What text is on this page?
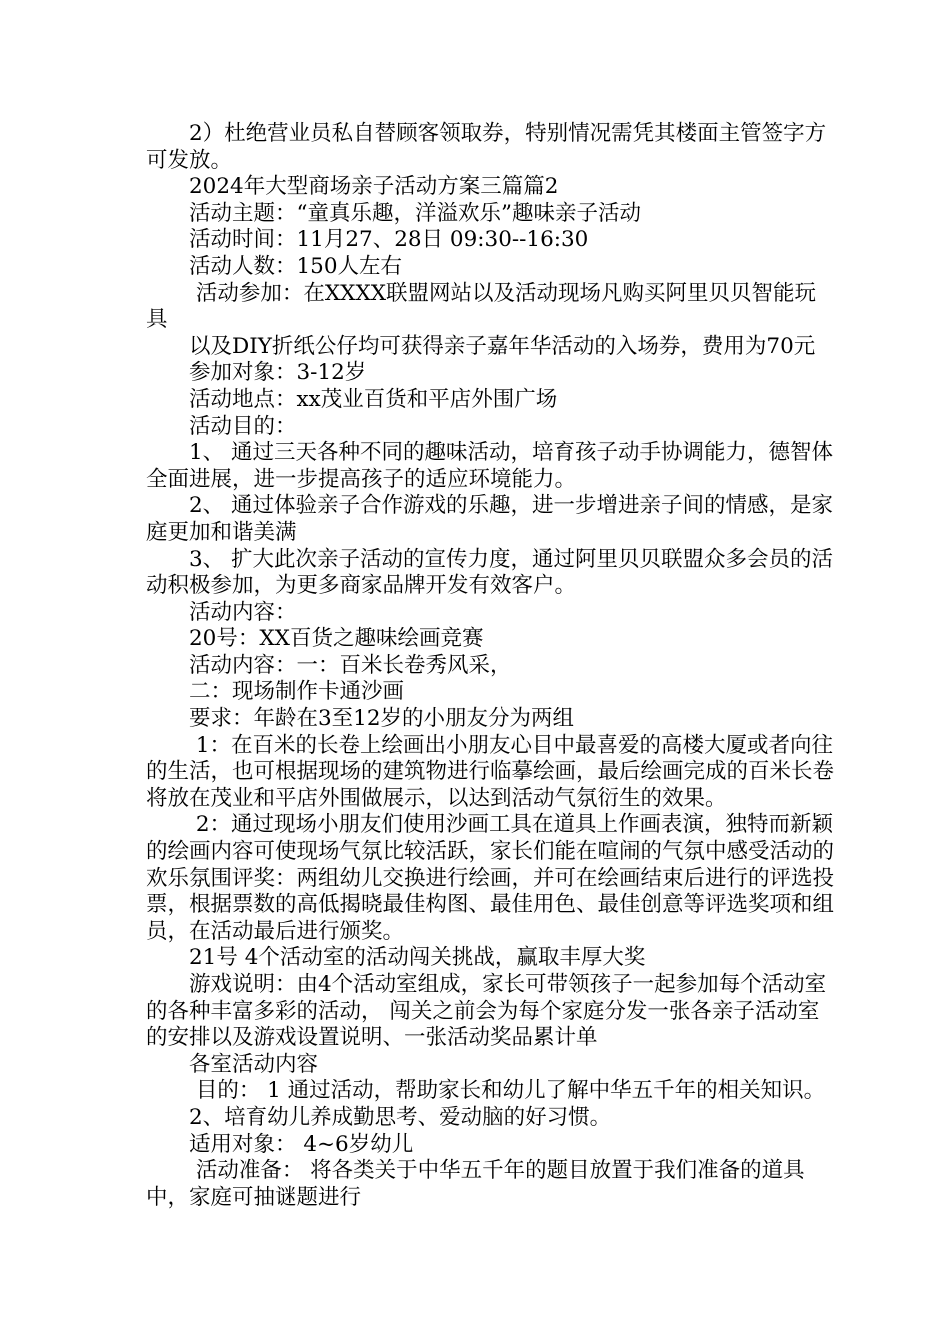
　　2）杜绝营业员私自替顾客领取券，特别情况需凭其楼面主管签字方可发放。

　　2024年大型商场亲子活动方案三篇篇2

　　活动主题：“童真乐趣，洋溢欢乐”趣味亲子活动

　　活动时间：11月27、28日 09:30--16:30

　　活动人数：150人左右

　　 活动参加：在XXXX联盟网站以及活动现场凡购买阿里贝贝智能玩具

　　以及DIY折纸公仔均可获得亲子嘉年华活动的入场券，费用为70元

　　参加对象：3-12岁

　　活动地点：xx茂业百货和平店外围广场

　　活动目的：

　　1、 通过三天各种不同的趣味活动，培育孩子动手协调能力，德智体全面进展，进一步提高孩子的适应环境能力。

　　2、 通过体验亲子合作游戏的乐趣，进一步增进亲子间的情感，是家庭更加和谐美满

　　3、 扩大此次亲子活动的宣传力度，通过阿里贝贝联盟众多会员的活动积极参加，为更多商家品牌开发有效客户。

　　活动内容：

　　20号：XX百货之趣味绘画竞赛

　　活动内容：一：百米长卷秀风采，

　　二：现场制作卡通沙画

　　要求：年龄在3至12岁的小朋友分为两组

　　 1：在百米的长卷上绘画出小朋友心目中最喜爱的高楼大厦或者向往的生活，也可根据现场的建筑物进行临摹绘画，最后绘画完成的百米长卷将放在茂业和平店外围做展示，以达到活动气氛衍生的效果。

　　 2：通过现场小朋友们使用沙画工具在道具上作画表演，独特而新颖的绘画内容可使现场气氛比较活跃，家长们能在喧闹的气氛中感受活动的欢乐氛围评奖：两组幼儿交换进行绘画，并可在绘画结束后进行的评选投票，根据票数的高低揭晓最佳构图、最佳用色、最佳创意等评选奖项和组员，在活动最后进行颁奖。

　　21号 4个活动室的活动闯关挑战，赢取丰厚大奖

　　游戏说明：由4个活动室组成，家长可带领孩子一起参加每个活动室的各种丰富多彩的活动， 闯关之前会为每个家庭分发一张各亲子活动室的安排以及游戏设置说明、一张活动奖品累计单

　　各室活动内容

　　 目的： 1 通过活动，帮助家长和幼儿了解中华五千年的相关知识。

　　2、培育幼儿养成勤思考、爱动脑的好习惯。

　　适用对象： 4~6岁幼儿

　　 活动准备： 将各类关于中华五千年的题目放置于我们准备的道具中，家庭可抽谜题进行
